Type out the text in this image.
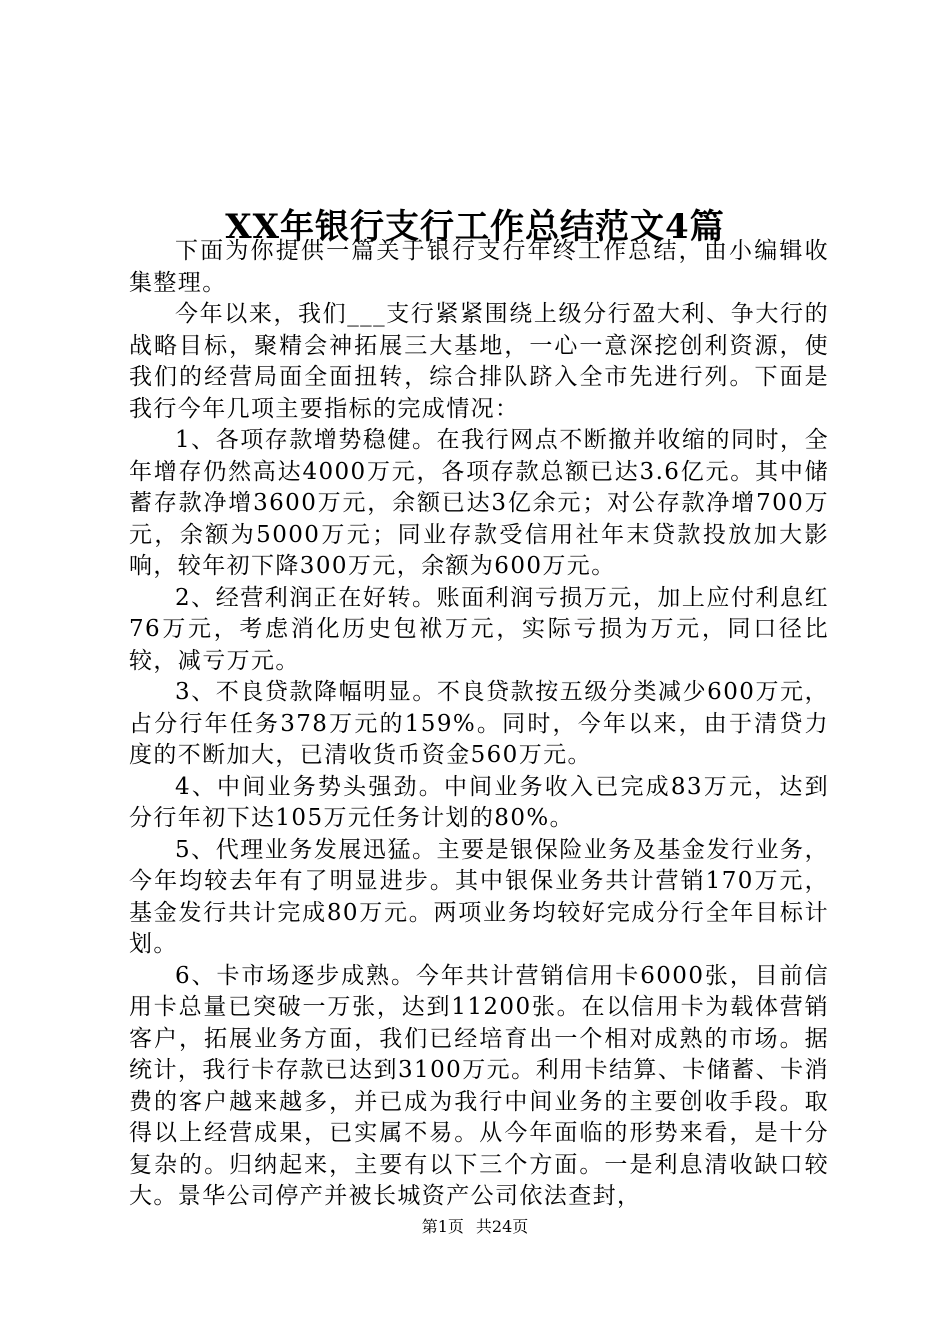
XX年银行支行工作总结范文4篇

下面为你提供一篇关于银行支行年终工作总结，由小编辑收集整理。

今年以来，我们___支行紧紧围绕上级分行盈大利、争大行的战略目标，聚精会神拓展三大基地，一心一意深挖创利资源，使我们的经营局面全面扭转，综合排队跻入全市先进行列。下面是我行今年几项主要指标的完成情况：

1、各项存款增势稳健。在我行网点不断撤并收缩的同时，全年增存仍然高达4000万元，各项存款总额已达3.6亿元。其中储蓄存款净增3600万元，余额已达3亿余元；对公存款净增700万元，余额为5000万元；同业存款受信用社年末贷款投放加大影响，较年初下降300万元，余额为600万元。

2、经营利润正在好转。账面利润亏损万元，加上应付利息红76万元，考虑消化历史包袱万元，实际亏损为万元，同口径比较，减亏万元。

3、不良贷款降幅明显。不良贷款按五级分类减少600万元，占分行年任务378万元的159%。同时，今年以来，由于清贷力度的不断加大，已清收货币资金560万元。

4、中间业务势头强劲。中间业务收入已完成83万元，达到分行年初下达105万元任务计划的80%。

5、代理业务发展迅猛。主要是银保险业务及基金发行业务，今年均较去年有了明显进步。其中银保业务共计营销170万元，基金发行共计完成80万元。两项业务均较好完成分行全年目标计划。

6、卡市场逐步成熟。今年共计营销信用卡6000张，目前信用卡总量已突破一万张，达到11200张。在以信用卡为载体营销客户，拓展业务方面，我们已经培育出一个相对成熟的市场。据统计，我行卡存款已达到3100万元。利用卡结算、卡储蓄、卡消费的客户越来越多，并已成为我行中间业务的主要创收手段。取得以上经营成果，已实属不易。从今年面临的形势来看，是十分复杂的。归纳起来，主要有以下三个方面。一是利息清收缺口较大。景华公司停产并被长城资产公司依法查封，

第1页 共24页
